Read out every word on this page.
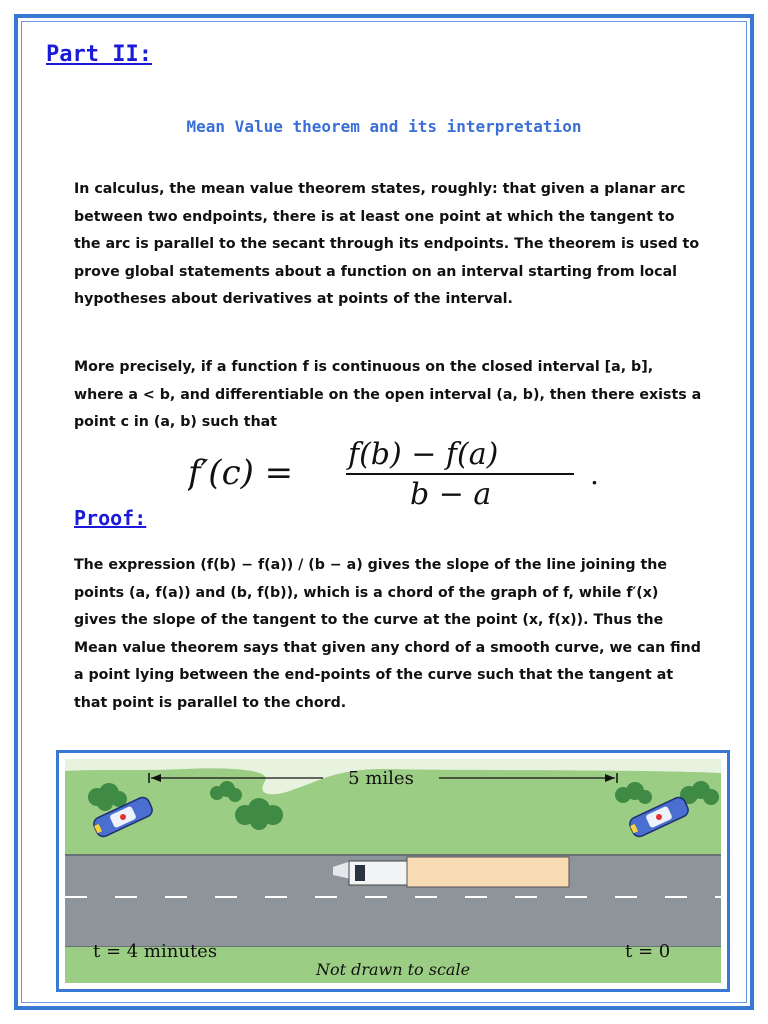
Part II:
Mean Value theorem and its interpretation

In calculus, the mean value theorem states, roughly: that given a planar arc between two endpoints, there is at least one point at which the tangent to the arc is parallel to the secant through its endpoints. The theorem is used to prove global statements about a function on an interval starting from local hypotheses about derivatives at points of the interval.

More precisely, if a function f is continuous on the closed interval [a, b], where a < b, and differentiable on the open interval (a, b), then there exists a point c in (a, b) such that

f′(c) = f(b) − f(a)
b − a
.
Proof:

The expression (f(b) − f(a)) / (b − a) gives the slope of the line joining the points (a, f(a)) and (b, f(b)), which is a chord of the graph of f, while f′(x) gives the slope of the tangent to the curve at the point (x, f(x)). Thus the Mean value theorem says that given any chord of a smooth curve, we can find a point lying between the end-points of the curve such that the tangent at that point is parallel to the chord.

5 miles
t = 4 minutes	t = 0
Not drawn to scale
